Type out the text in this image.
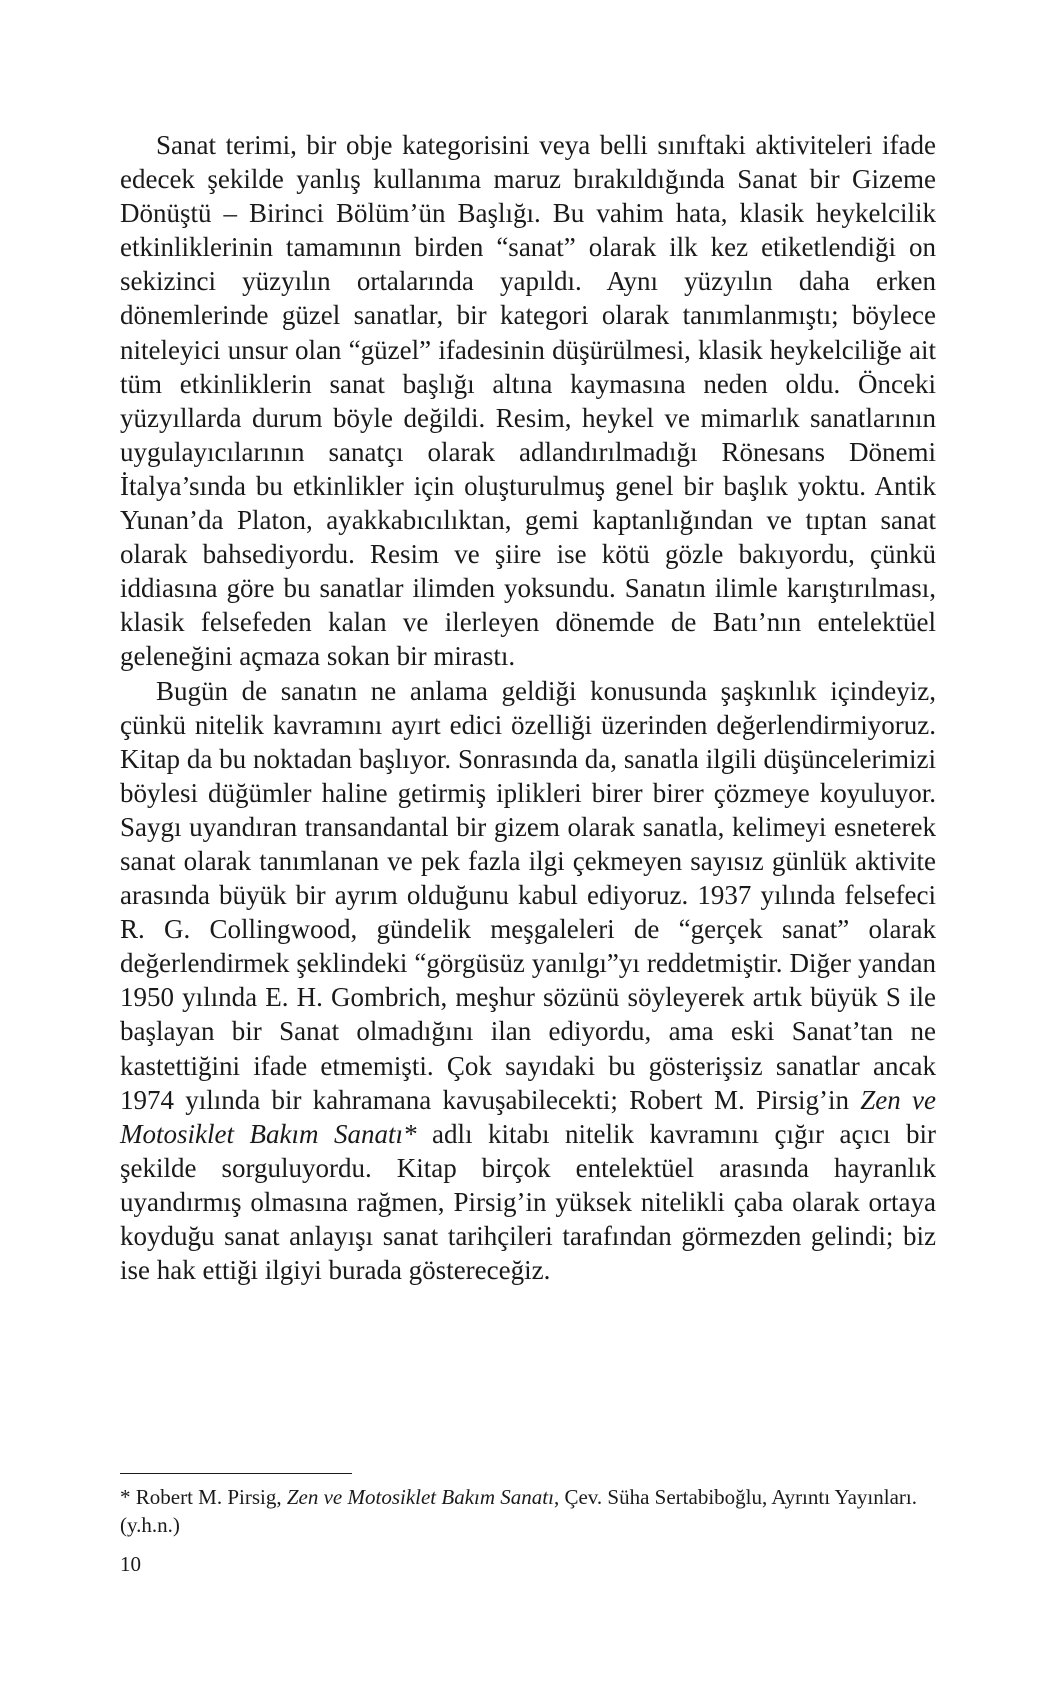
Sanat terimi, bir obje kategorisini veya belli sınıftaki aktiviteleri ifade edecek şekilde yanlış kullanıma maruz bırakıldığında Sanat bir Gizeme Dönüştü – Birinci Bölüm’ün Başlığı. Bu vahim hata, klasik heykelcilik etkinliklerinin tamamının birden “sanat” olarak ilk kez etiketlendiği on sekizinci yüzyılın ortalarında yapıldı. Aynı yüzyılın daha erken dönemlerinde güzel sanatlar, bir kategori olarak tanımlanmıştı; böylece niteleyici unsur olan “güzel” ifadesinin düşürülmesi, klasik heykelciliğe ait tüm etkinliklerin sanat başlığı altına kaymasına neden oldu. Önceki yüzyıllarda durum böyle değildi. Resim, heykel ve mimarlık sanatlarının uygulayıcılarının sanatçı olarak adlandırılmadığı Rönesans Dönemi İtalya’sında bu etkinlikler için oluşturulmuş genel bir başlık yoktu. Antik Yunan’da Platon, ayakkabıcılıktan, gemi kaptanlığından ve tıptan sanat olarak bahsediyordu. Resim ve şiire ise kötü gözle bakıyordu, çünkü iddiasına göre bu sanatlar ilimden yoksundu. Sanatın ilimle karıştırılması, klasik felsefeden kalan ve ilerleyen dönemde de Batı’nın entelektüel geleneğini açmaza sokan bir mirastı.

Bugün de sanatın ne anlama geldiği konusunda şaşkınlık içindeyiz, çünkü nitelik kavramını ayırt edici özelliği üzerinden değerlendirmiyoruz. Kitap da bu noktadan başlıyor. Sonrasında da, sanatla ilgili düşüncelerimizi böylesi düğümler haline getirmiş iplikleri birer birer çözmeye koyuluyor. Saygı uyandıran transandantal bir gizem olarak sanatla, kelimeyi esneterek sanat olarak tanımlanan ve pek fazla ilgi çekmeyen sayısız günlük aktivite arasında büyük bir ayrım olduğunu kabul ediyoruz. 1937 yılında felsefeci R. G. Collingwood, gündelik meşgaleleri de “gerçek sanat” olarak değerlendirmek şeklindeki “görgüsüz yanılgı”yı reddetmiştir. Diğer yandan 1950 yılında E. H. Gombrich, meşhur sözünü söyleyerek artık büyük S ile başlayan bir Sanat olmadığını ilan ediyordu, ama eski Sanat’tan ne kastettiğini ifade etmemişti. Çok sayıdaki bu gösterişsiz sanatlar ancak 1974 yılında bir kahramana kavuşabilecekti; Robert M. Pirsig’in Zen ve Motosiklet Bakım Sanatı* adlı kitabı nitelik kavramını çığır açıcı bir şekilde sorguluyordu. Kitap birçok entelektüel arasında hayranlık uyandırmış olmasına rağmen, Pirsig’in yüksek nitelikli çaba olarak ortaya koyduğu sanat anlayışı sanat tarihçileri tarafından görmezden gelindi; biz ise hak ettiği ilgiyi burada göstereceğiz.

* Robert M. Pirsig, Zen ve Motosiklet Bakım Sanatı, Çev. Süha Sertabiboğlu, Ayrıntı Yayınları. (y.h.n.)

10
